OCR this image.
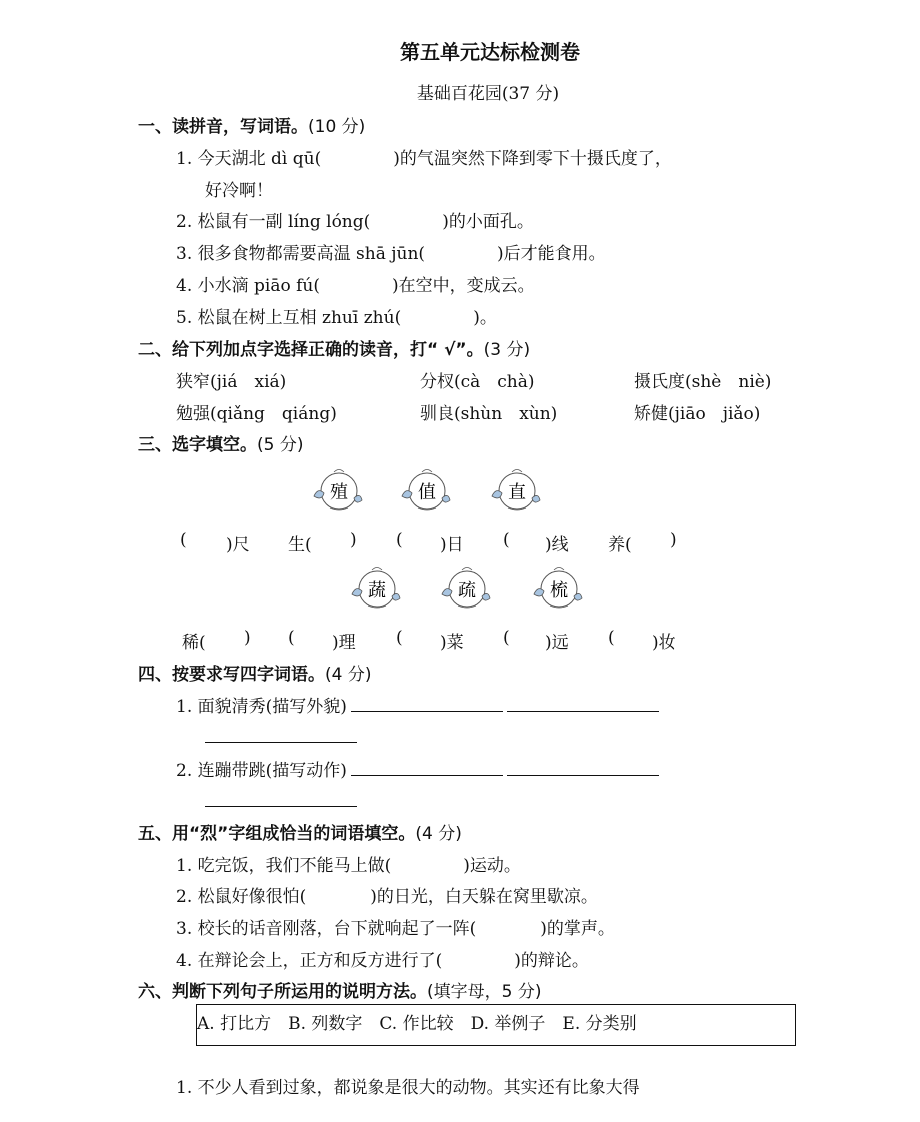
第五单元达标检测卷
基础百花园(37 分)
一、读拼音，写词语。(10 分)
1. 今天湖北 dì qū(	)的气温突然下降到零下十摄氏度了，
好冷啊！
2. 松鼠有一副 líng lóng(	)的小面孔。
3. 很多食物都需要高温 shā jūn(	)后才能食用。
4. 小水滴 piāo fú(	)在空中，变成云。
5. 松鼠在树上互相 zhuī zhú(	)。
二、给下列加点字选择正确的读音，打“ √”。(3 分)
狭窄(jiá　xiá)	分杈(cà　chà)	摄氏度(shè　niè)
勉强(qiǎng　qiáng)	驯良(shùn　xùn)	矫健(jiāo　jiǎo)
三、选字填空。(5 分)
殖	值	直
( )尺 生( ) ( )日 ( )线 养( )
蔬	疏	梳
稀( ) ( )理 ( )菜 ( )远 ( )妆
四、按要求写四字词语。(4 分)
1. 面貌清秀(描写外貌)
2. 连蹦带跳(描写动作)
五、用“烈”字组成恰当的词语填空。(4 分)
1. 吃完饭，我们不能马上做(	)运动。
2. 松鼠好像很怕(	)的日光，白天躲在窝里歇凉。
3. 校长的话音刚落，台下就响起了一阵(	)的掌声。
4. 在辩论会上，正方和反方进行了(	)的辩论。
六、判断下列句子所运用的说明方法。(填字母，5 分)
A. 打比方　B. 列数字　C. 作比较　D. 举例子　E. 分类别
1. 不少人看到过象，都说象是很大的动物。其实还有比象大得
